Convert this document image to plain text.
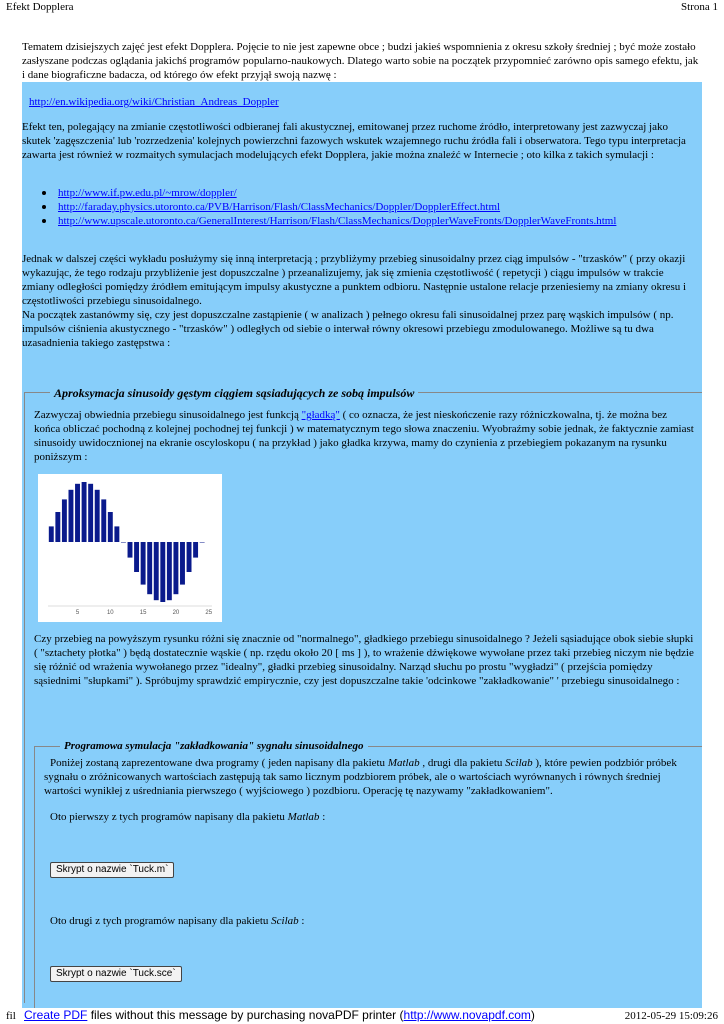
Efekt Dopplera	Strona 1

Tematem dzisiejszych zajęć jest efekt Dopplera. Pojęcie to nie jest zapewne obce ; budzi jakieś wspomnienia z okresu szkoły średniej ; być może zostało zasłyszane podczas oglądania jakichś programów popularno-naukowych. Dlatego warto sobie na początek przypomnieć zarówno opis samego efektu, jak i dane biograficzne badacza, od którego ów efekt przyjął swoją nazwę :

http://en.wikipedia.org/wiki/Christian_Andreas_Doppler

Efekt ten, polegający na zmianie częstotliwości odbieranej fali akustycznej, emitowanej przez ruchome źródło, interpretowany jest zazwyczaj jako skutek 'zagęszczenia' lub 'rozrzedzenia' kolejnych powierzchni fazowych wskutek wzajemnego ruchu źródła fali i obserwatora. Tego typu interpretacja zawarta jest również w rozmaitych symulacjach modelujących efekt Dopplera, jakie można znaleźć w Internecie ; oto kilka z takich symulacji :

http://www.if.pw.edu.pl/~mrow/doppler/
http://faraday.physics.utoronto.ca/PVB/Harrison/Flash/ClassMechanics/Doppler/DopplerEffect.html
http://www.upscale.utoronto.ca/GeneralInterest/Harrison/Flash/ClassMechanics/DopplerWaveFronts/DopplerWaveFronts.html

Jednak w dalszej części wykładu posłużymy się inną interpretacją ; przybliżymy przebieg sinusoidalny przez ciąg impulsów - "trzasków" ( przy okazji wykazując, że tego rodzaju przybliżenie jest dopuszczalne ) przeanalizujemy, jak się zmienia częstotliwość ( repetycji ) ciągu impulsów w trakcie zmiany odległości pomiędzy źródłem emitującym impulsy akustyczne a punktem odbioru. Następnie ustalone relacje przeniesiemy na zmiany okresu i częstotliwości przebiegu sinusoidalnego.

Na początek zastanówmy się, czy jest dopuszczalne zastąpienie ( w analizach ) pełnego okresu fali sinusoidalnej przez parę wąskich impulsów ( np. impulsów ciśnienia akustycznego - "trzasków" ) odległych od siebie o interwał równy okresowi przebiegu zmodulowanego. Możliwe są tu dwa uzasadnienia takiego zastępstwa :

Aproksymacja sinusoidy gęstym ciągiem sąsiadujących ze sobą impulsów

Zazwyczaj obwiednia przebiegu sinusoidalnego jest funkcją "gładką" ( co oznacza, że jest nieskończenie razy różniczkowalna, tj. że można bez końca obliczać pochodną z kolejnej pochodnej tej funkcji ) w matematycznym tego słowa znaczeniu. Wyobraźmy sobie jednak, że faktycznie zamiast sinusoidy uwidocznionej na ekranie oscyloskopu ( na przykład ) jako gładka krzywa, mamy do czynienia z przebiegiem pokazanym na rysunku poniższym :

5	10	15	20	25

Czy przebieg na powyższym rysunku różni się znacznie od "normalnego", gładkiego przebiegu sinusoidalnego ? Jeżeli sąsiadujące obok siebie słupki ( "sztachety płotka" ) będą dostatecznie wąskie ( np. rzędu około 20 [ ms ] ), to wrażenie dźwiękowe wywołane przez taki przebieg niczym nie będzie się różnić od wrażenia wywołanego przez "idealny", gładki przebieg sinusoidalny. Narząd słuchu po prostu "wygładzi" ( przejścia pomiędzy sąsiednimi "słupkami" ). Spróbujmy sprawdzić empirycznie, czy jest dopuszczalne takie 'odcinkowe "zakładkowanie" ' przebiegu sinusoidalnego :

Programowa symulacja "zakładkowania" sygnału sinusoidalnego

Poniżej zostaną zaprezentowane dwa programy ( jeden napisany dla pakietu Matlab , drugi dla pakietu Scilab ), które pewien podzbiór próbek sygnału o zróżnicowanych wartościach zastępują tak samo licznym podzbiorem próbek, ale o wartościach wyrównanych i równych średniej wartości wynikłej z uśredniania pierwszego ( wyjściowego ) pozdbioru. Operację tę nazywamy "zakładkowaniem".

Oto pierwszy z tych programów napisany dla pakietu Matlab :

Skrypt o nazwie `Tuck.m`

Oto drugi z tych programów napisany dla pakietu Scilab :

Skrypt o nazwie `Tuck.sce`
fil Create PDF files without this message by purchasing novaPDF printer (http://www.novapdf.com)	2012-05-29 15:09:26
